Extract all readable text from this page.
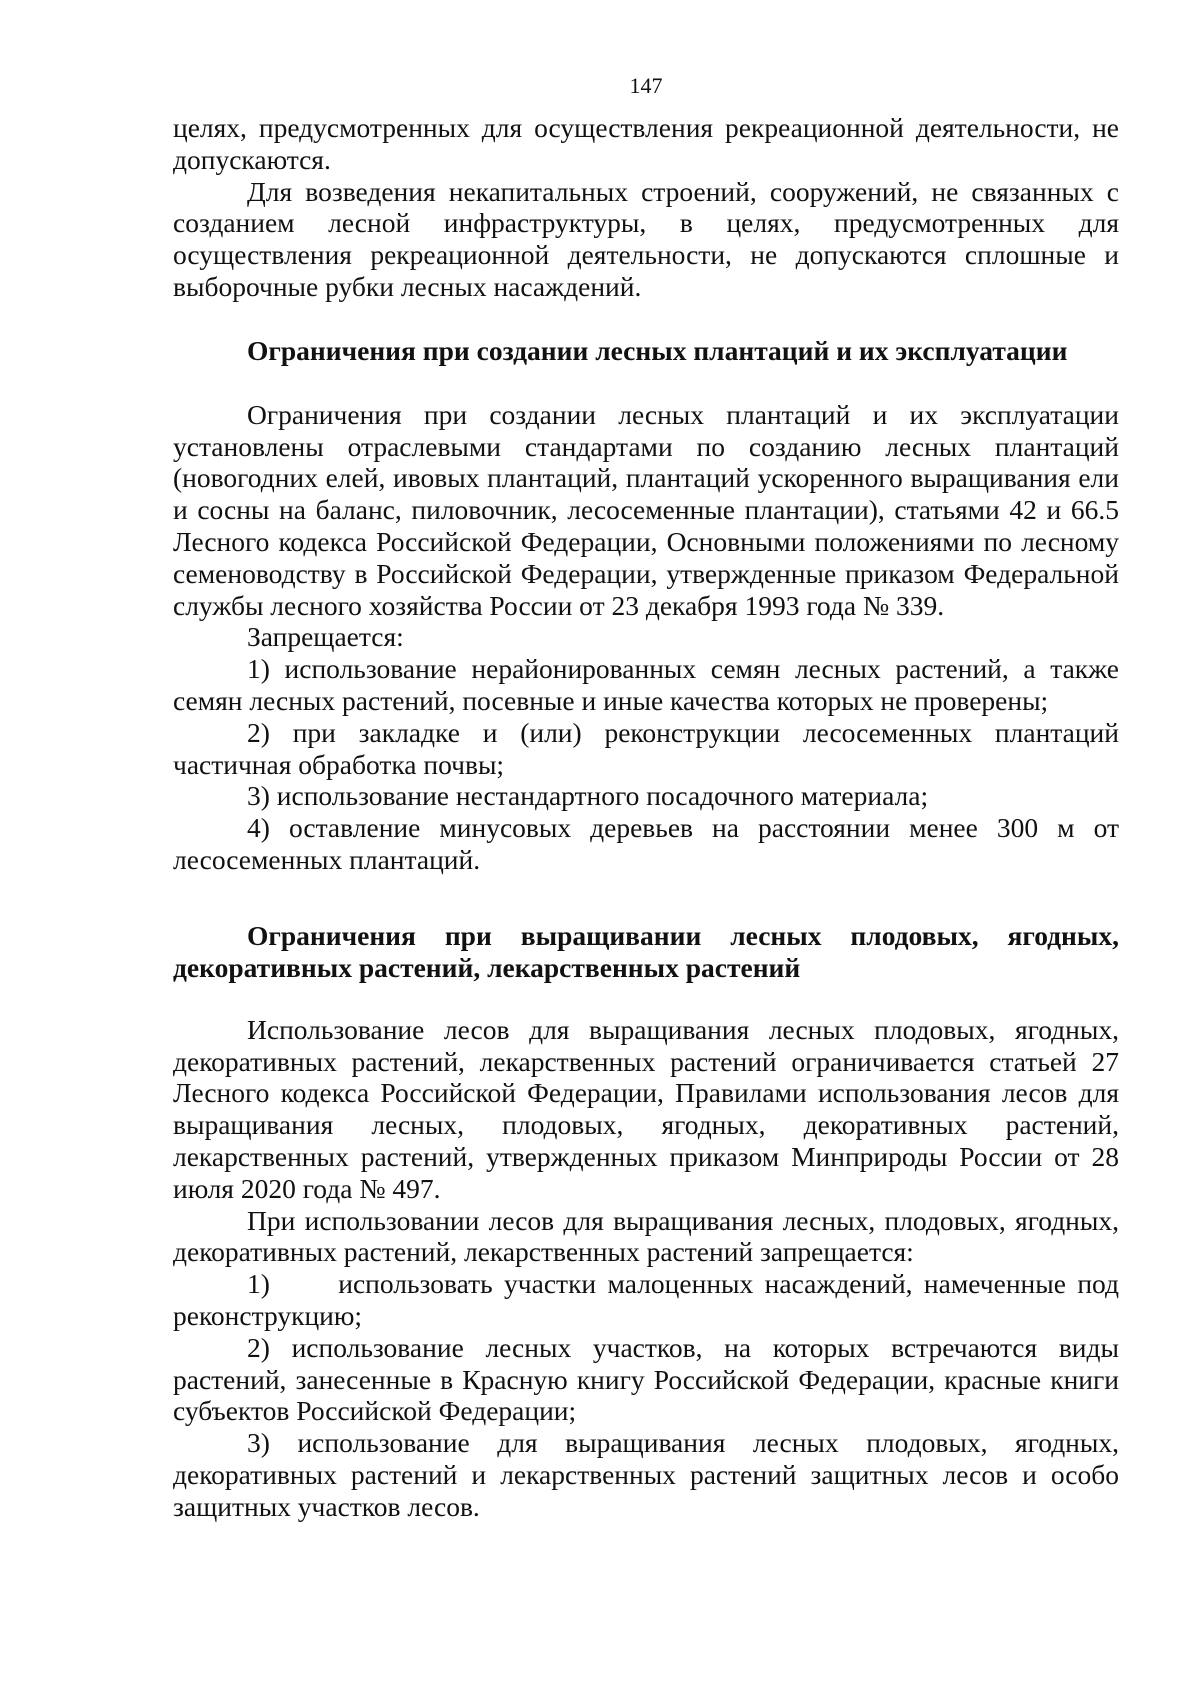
147

целях, предусмотренных для осуществления рекреационной деятельности, не допускаются.

Для возведения некапитальных строений, сооружений, не связанных с созданием лесной инфраструктуры, в целях, предусмотренных для осуществления рекреационной деятельности, не допускаются сплошные и выборочные рубки лесных насаждений.

Ограничения при создании лесных плантаций и их эксплуатации

Ограничения при создании лесных плантаций и их эксплуатации установлены отраслевыми стандартами по созданию лесных плантаций (новогодних елей, ивовых плантаций, плантаций ускоренного выращивания ели и сосны на баланс, пиловочник, лесосеменные плантации), статьями 42 и 66.5 Лесного кодекса Российской Федерации, Основными положениями по лесному семеноводству в Российской Федерации, утвержденные приказом Федеральной службы лесного хозяйства России от 23 декабря 1993 года № 339.

Запрещается:

1) использование нерайонированных семян лесных растений, а также семян лесных растений, посевные и иные качества которых не проверены;

2) при закладке и (или) реконструкции лесосеменных плантаций частичная обработка почвы;

3) использование нестандартного посадочного материала;

4) оставление минусовых деревьев на расстоянии менее 300 м от лесосеменных плантаций.

Ограничения при выращивании лесных плодовых, ягодных, декоративных растений, лекарственных растений

Использование лесов для выращивания лесных плодовых, ягодных, декоративных растений, лекарственных растений ограничивается статьей 27 Лесного кодекса Российской Федерации, Правилами использования лесов для выращивания лесных, плодовых, ягодных, декоративных растений, лекарственных растений, утвержденных приказом Минприроды России от 28 июля 2020 года № 497.

При использовании лесов для выращивания лесных, плодовых, ягодных, декоративных растений, лекарственных растений запрещается:

1)      использовать участки малоценных насаждений, намеченные под реконструкцию;

2) использование лесных участков, на которых встречаются виды растений, занесенные в Красную книгу Российской Федерации, красные книги субъектов Российской Федерации;

3) использование для выращивания лесных плодовых, ягодных, декоративных растений и лекарственных растений защитных лесов и особо защитных участков лесов.
